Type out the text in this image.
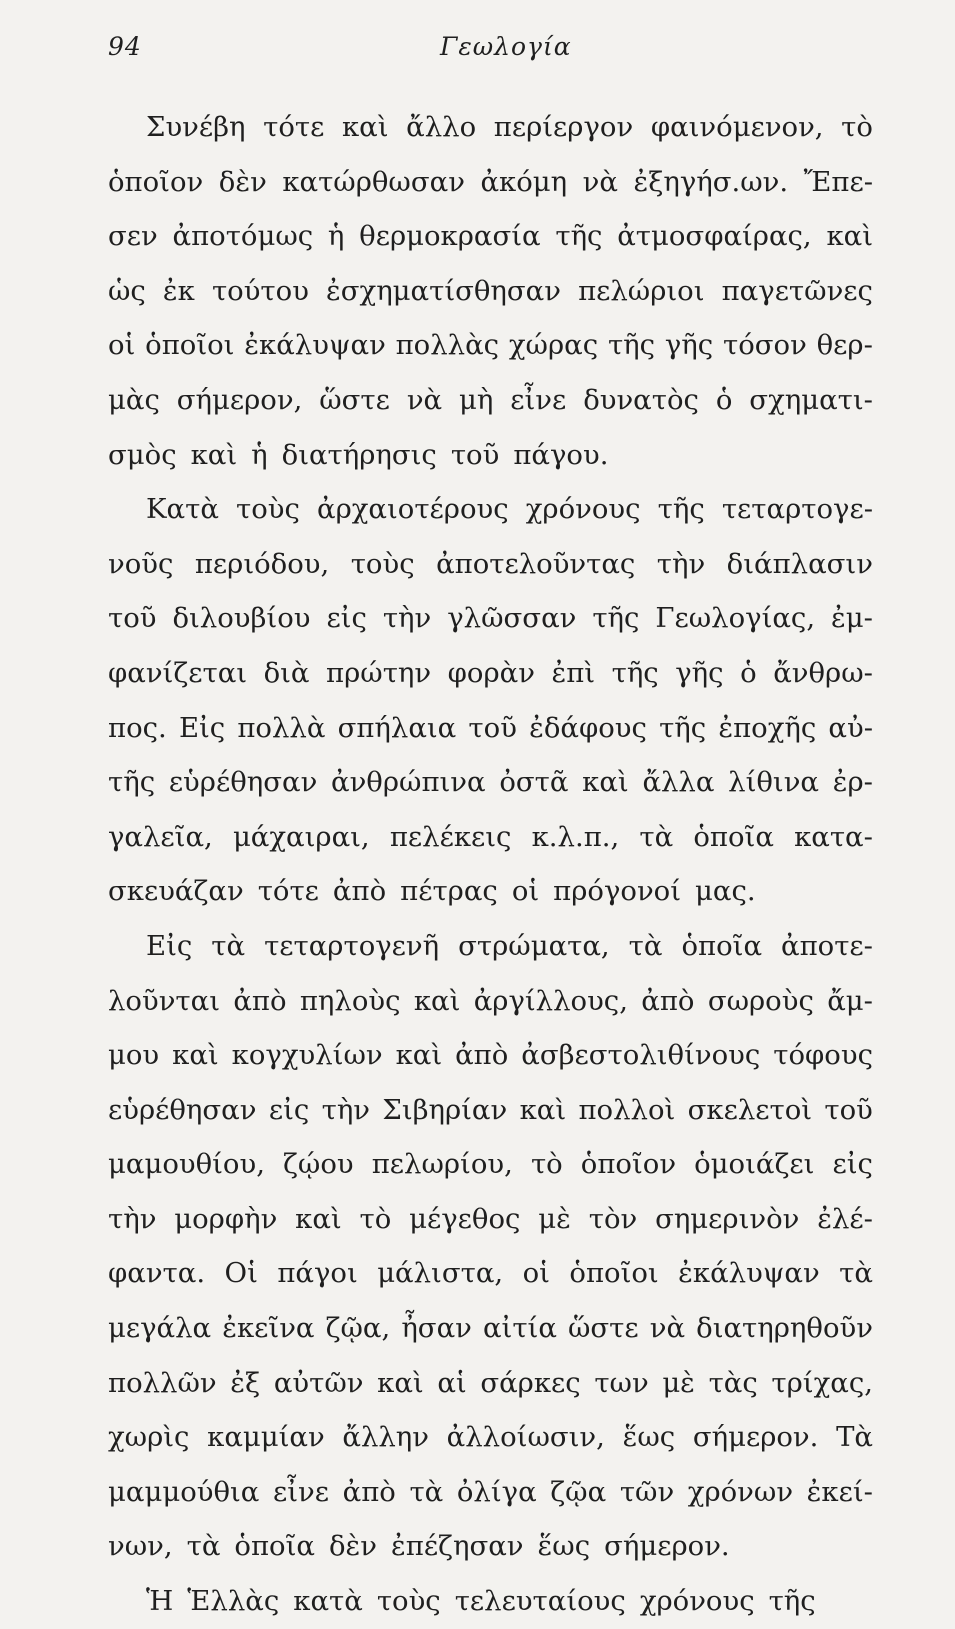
94	Γεωλογία
Συνέβη τότε καὶ ἄλλο περίεργον φαινόμενον, τὸ
ὁποῖον δὲν κατώρθωσαν ἀκόμη νὰ ἐξηγήσ.ων. Ἔπε-
σεν ἀποτόμως ἡ θερμοκρασία τῆς ἀτμοσφαίρας, καὶ
ὡς ἐκ τούτου ἐσχηματίσθησαν πελώριοι παγετῶνες
οἱ ὁποῖοι ἐκάλυψαν πολλὰς χώρας τῆς γῆς τόσον θερ-
μὰς σήμερον, ὥστε νὰ μὴ εἶνε δυνατὸς ὁ σχηματι-
σμὸς καὶ ἡ διατήρησις τοῦ πάγου.
Κατὰ τοὺς ἀρχαιοτέρους χρόνους τῆς τεταρτογε-
νοῦς περιόδου, τοὺς ἀποτελοῦντας τὴν διάπλασιν
τοῦ διλουβίου εἰς τὴν γλῶσσαν τῆς Γεωλογίας, ἐμ-
φανίζεται διὰ πρώτην φορὰν ἐπὶ τῆς γῆς ὁ ἄνθρω-
πος. Εἰς πολλὰ σπήλαια τοῦ ἐδάφους τῆς ἐποχῆς αὐ-
τῆς εὑρέθησαν ἀνθρώπινα ὀστᾶ καὶ ἄλλα λίθινα ἐρ-
γαλεῖα, μάχαιραι, πελέκεις κ.λ.π., τὰ ὁποῖα κατα-
σκευάζαν τότε ἀπὸ πέτρας οἱ πρόγονοί μας.
Εἰς τὰ τεταρτογενῆ στρώματα, τὰ ὁποῖα ἀποτε-
λοῦνται ἀπὸ πηλοὺς καὶ ἀργίλλους, ἀπὸ σωροὺς ἄμ-
μου καὶ κογχυλίων καὶ ἀπὸ ἀσβεστολιθίνους τόφους
εὑρέθησαν εἰς τὴν Σιβηρίαν καὶ πολλοὶ σκελετοὶ τοῦ
μαμουθίου, ζῴου πελωρίου, τὸ ὁποῖον ὁμοιάζει εἰς
τὴν μορφὴν καὶ τὸ μέγεθος μὲ τὸν σημερινὸν ἐλέ-
φαντα. Οἱ πάγοι μάλιστα, οἱ ὁποῖοι ἐκάλυψαν τὰ
μεγάλα ἐκεῖνα ζῷα, ἦσαν αἰτία ὥστε νὰ διατηρηθοῦν
πολλῶν ἐξ αὐτῶν καὶ αἱ σάρκες των μὲ τὰς τρίχας,
χωρὶς καμμίαν ἄλλην ἀλλοίωσιν, ἕως σήμερον. Τὰ
μαμμούθια εἶνε ἀπὸ τὰ ὀλίγα ζῷα τῶν χρόνων ἐκεί-
νων, τὰ ὁποῖα δὲν ἐπέζησαν ἕως σήμερον.
Ἡ Ἑλλὰς κατὰ τοὺς τελευταίους χρόνους τῆς
